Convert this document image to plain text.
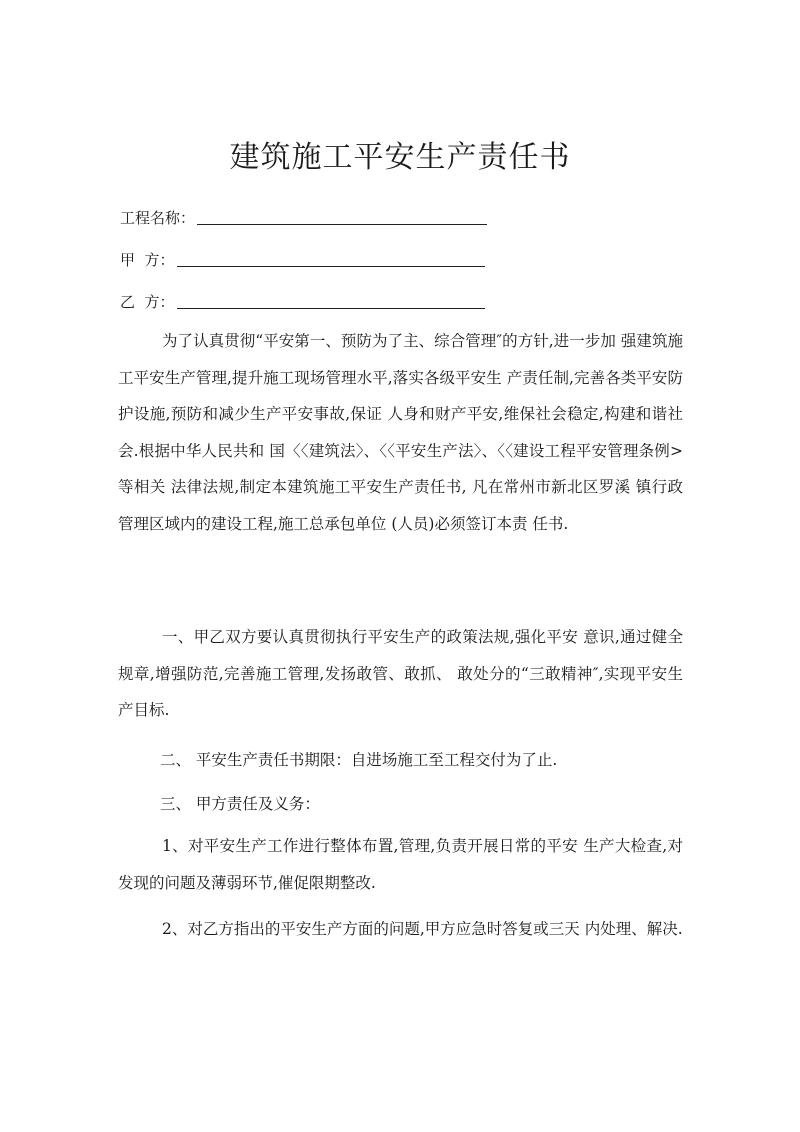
建筑施工平安生产责任书
工程名称：
甲  方：
乙  方：

为了认真贯彻“平安第一、预防为了主、综合管理″的方针,进一步加 强建筑施工平安生产管理,提升施工现场管理水平,落实各级平安生 产责任制,完善各类平安防护设施,预防和减少生产平安事故,保证 人身和财产平安,维保社会稳定,构建和谐社会.根据中华人民共和 国〈〈建筑法〉、〈〈平安生产法〉、〈〈建设工程平安管理条例>等相关 法律法规,制定本建筑施工平安生产责任书, 凡在常州市新北区罗溪 镇行政管理区域内的建设工程,施工总承包单位 (人员)必须签订本责 任书.

一、甲乙双方要认真贯彻执行平安生产的政策法规,强化平安 意识,通过健全规章,增强防范,完善施工管理,发扬敢管、敢抓、 敢处分的“三敢精神″,实现平安生产目标.

二、 平安生产责任书期限：自进场施工至工程交付为了止.
三、 甲方责任及义务：

1、对平安生产工作进行整体布置,管理,负责开展日常的平安 生产大检查,对发现的问题及薄弱环节,催促限期整改.

2、对乙方指出的平安生产方面的问题,甲方应急时答复或三天 内处理、解决.
